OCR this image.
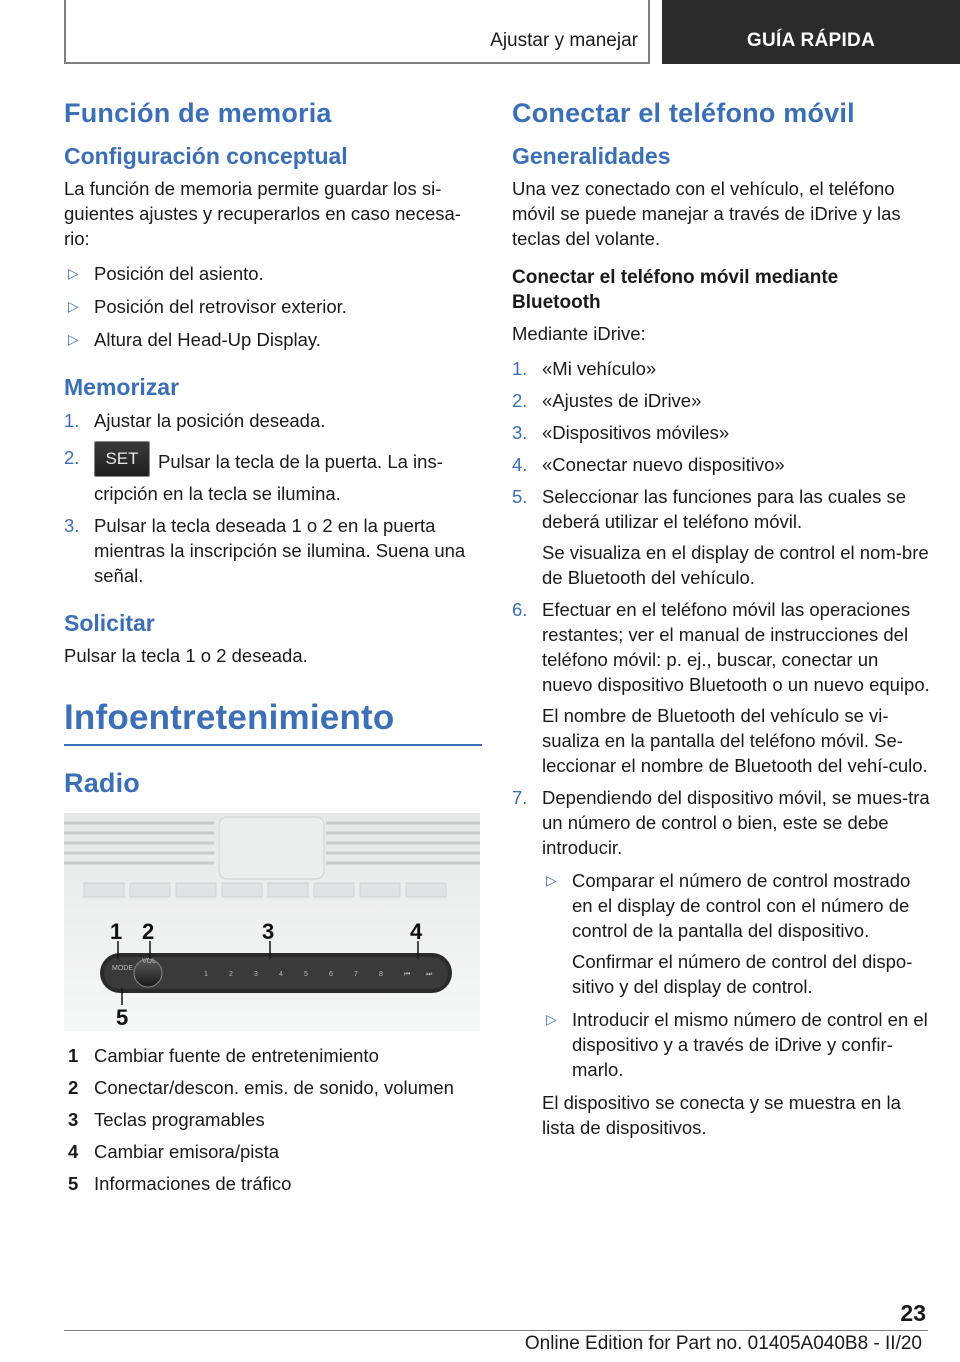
Ajustar y manejar	GUÍA RÁPIDA
Función de memoria
Configuración conceptual

La función de memoria permite guardar los si-guientes ajustes y recuperarlos en caso necesa-rio:

▷ Posición del asiento.
▷ Posición del retrovisor exterior.
▷ Altura del Head-Up Display.
Memorizar
1. Ajustar la posición deseada.
2. SET Pulsar la tecla de la puerta. La ins-cripción en la tecla se ilumina.
3. Pulsar la tecla deseada 1 o 2 en la puerta mientras la inscripción se ilumina. Suena una señal.
Solicitar

Pulsar la tecla 1 o 2 deseada.

Infoentretenimiento
Radio
MODE
VOL
1	2	3	4	5	6	7	8	⏮ ⏭
1 2	3	4
5
1 Cambiar fuente de entretenimiento
2 Conectar/descon. emis. de sonido, volumen
3 Teclas programables
4 Cambiar emisora/pista
5 Informaciones de tráfico
Conectar el teléfono móvil
Generalidades

Una vez conectado con el vehículo, el teléfono móvil se puede manejar a través de iDrive y las teclas del volante.

Conectar el teléfono móvil mediante Bluetooth

Mediante iDrive:

1. «Mi vehículo»
2. «Ajustes de iDrive»
3. «Dispositivos móviles»
4. «Conectar nuevo dispositivo»
5. Seleccionar las funciones para las cuales se deberá utilizar el teléfono móvil.
Se visualiza en el display de control el nom-bre de Bluetooth del vehículo.
6. Efectuar en el teléfono móvil las operaciones restantes; ver el manual de instrucciones del teléfono móvil: p. ej., buscar, conectar un nuevo dispositivo Bluetooth o un nuevo equipo.
El nombre de Bluetooth del vehículo se vi-sualiza en la pantalla del teléfono móvil. Se-leccionar el nombre de Bluetooth del vehí-culo.
7. Dependiendo del dispositivo móvil, se mues-tra un número de control o bien, este se debe introducir.
▷ Comparar el número de control mostrado en el display de control con el número de control de la pantalla del dispositivo.
Confirmar el número de control del dispo-sitivo y del display de control.
▷ Introducir el mismo número de control en el dispositivo y a través de iDrive y confir-marlo.
El dispositivo se conecta y se muestra en la lista de dispositivos.
23
Online Edition for Part no. 01405A040B8 - II/20
